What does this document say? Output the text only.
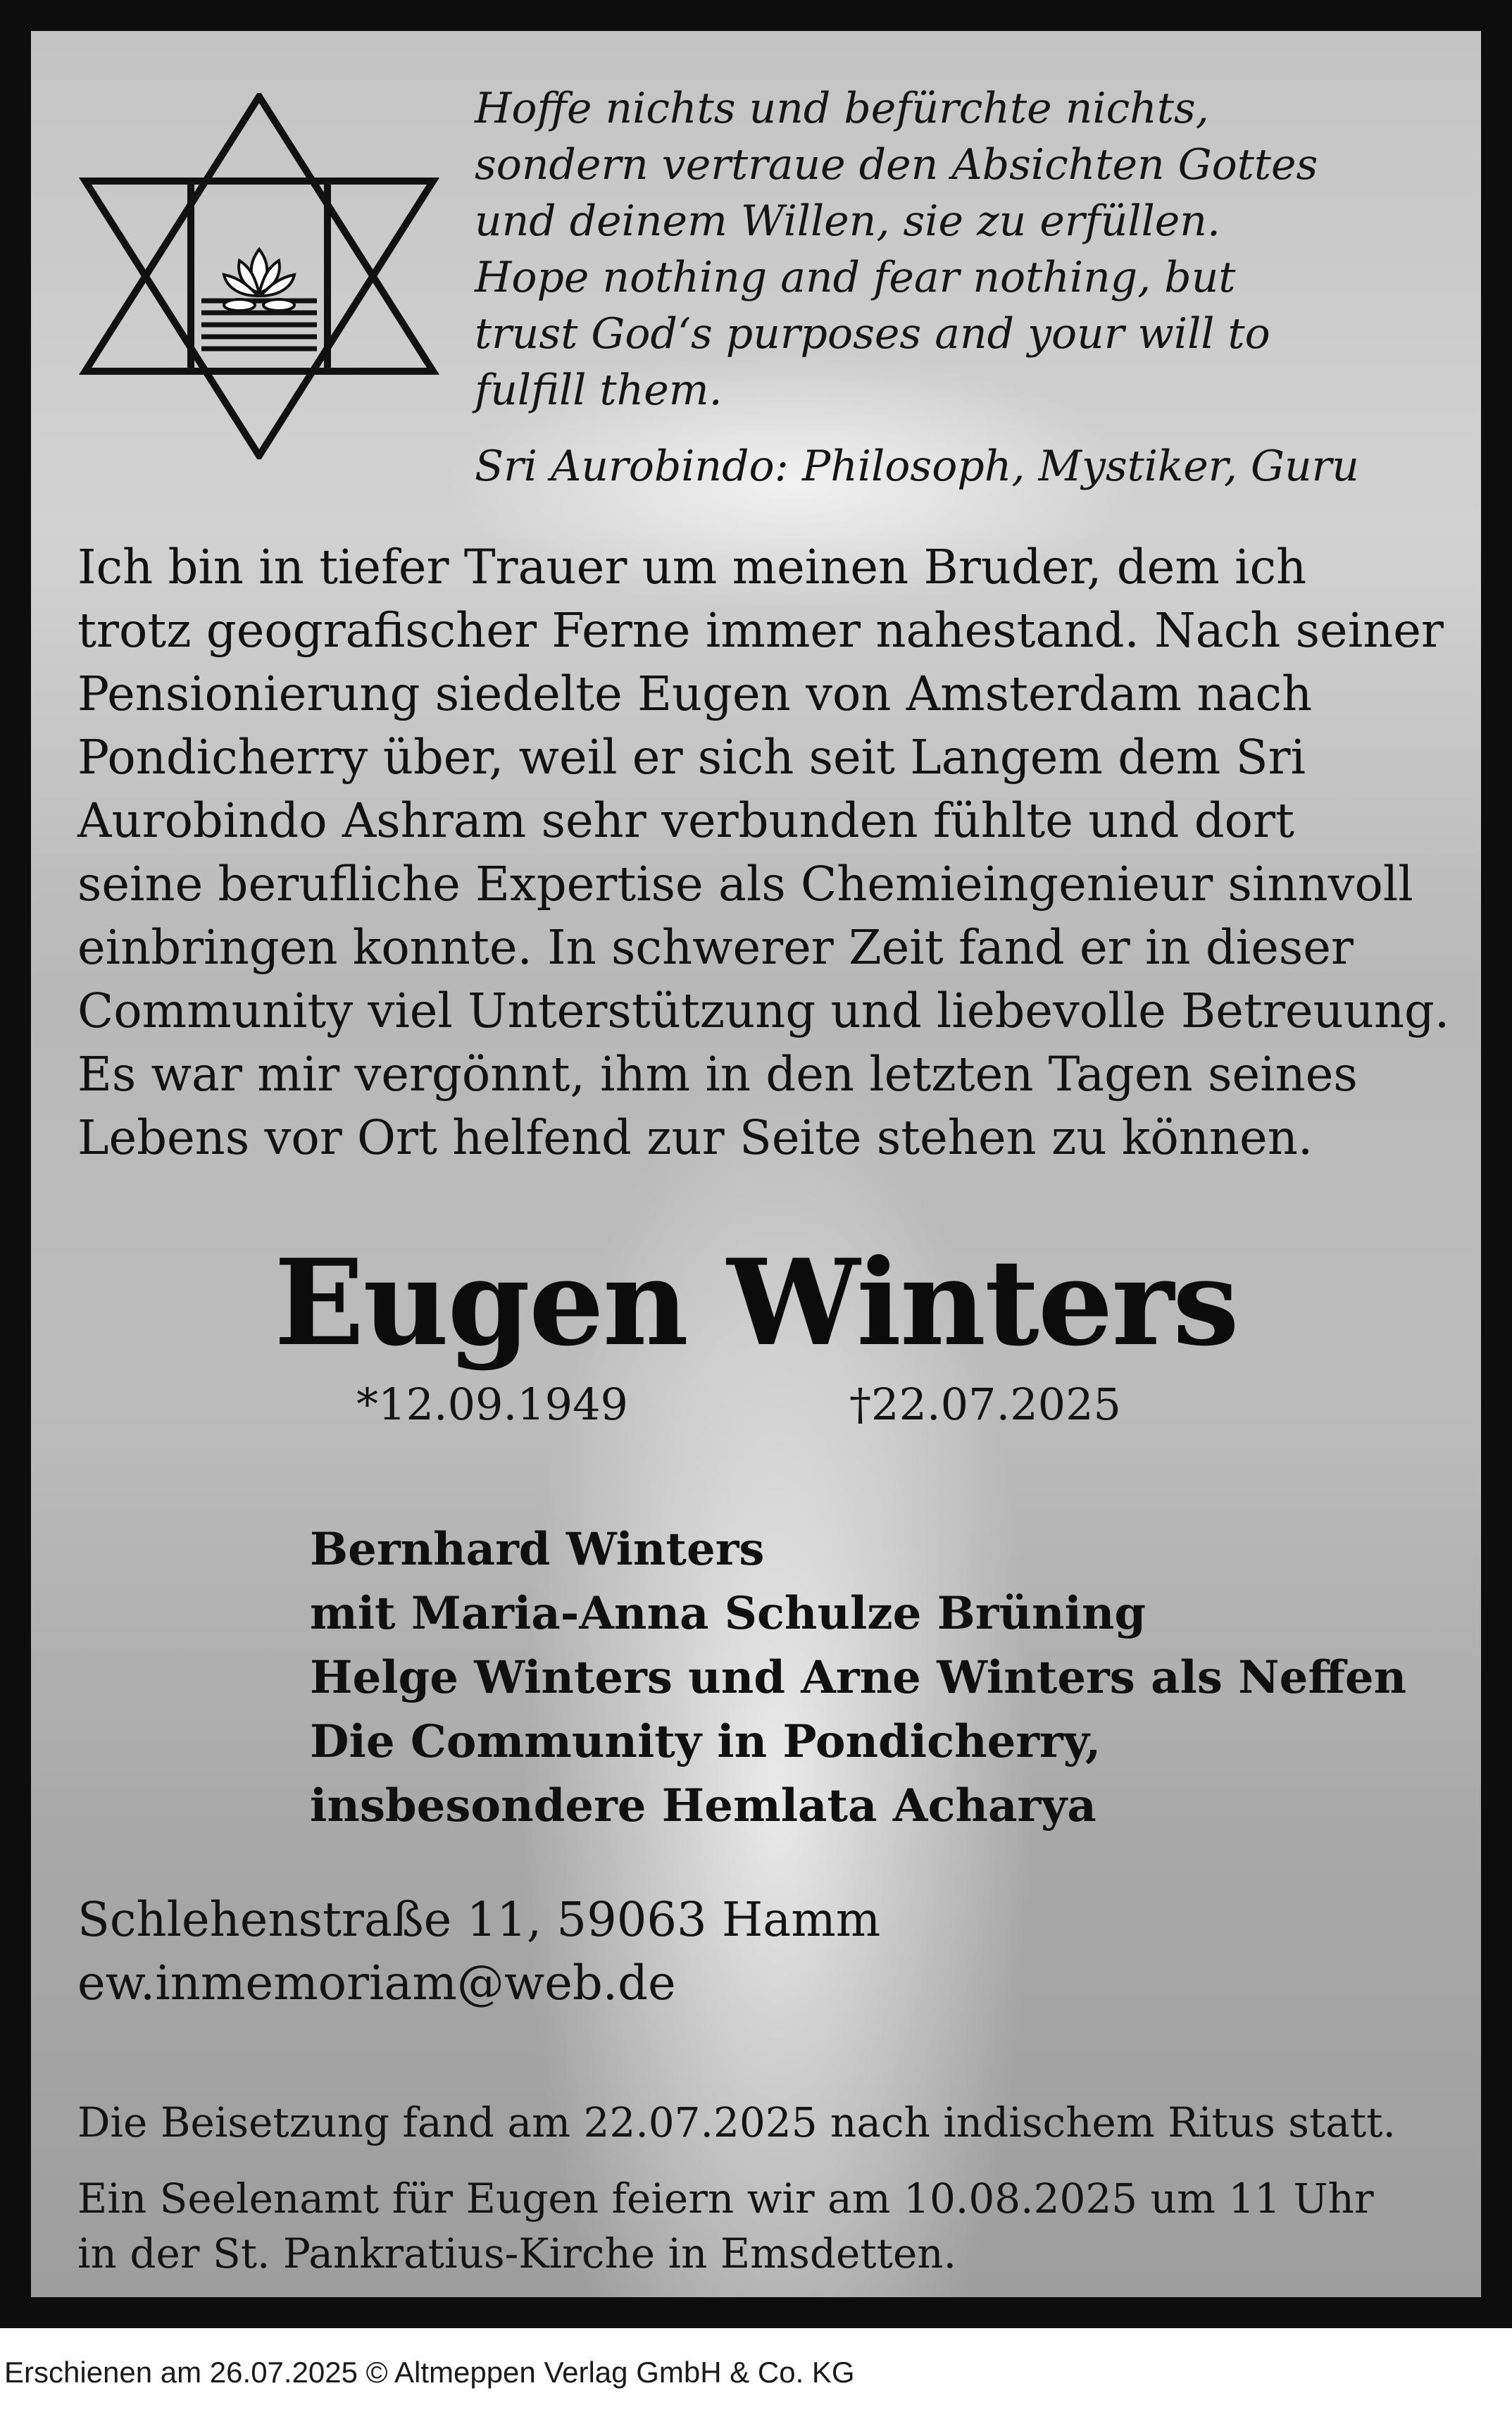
Hoffe nichts und befürchte nichts,

sondern vertraue den Absichten Gottes

und deinem Willen, sie zu erfüllen.

Hope nothing and fear nothing, but

trust God‘s purposes and your will to

fulfill them.

Sri Aurobindo: Philosoph, Mystiker, Guru

Ich bin in tiefer Trauer um meinen Bruder, dem ich

trotz geografischer Ferne immer nahestand. Nach seiner

Pensionierung siedelte Eugen von Amsterdam nach

Pondicherry über, weil er sich seit Langem dem Sri

Aurobindo Ashram sehr verbunden fühlte und dort

seine berufliche Expertise als Chemieingenieur sinnvoll

einbringen konnte. In schwerer Zeit fand er in dieser

Community viel Unterstützung und liebevolle Betreuung.

Es war mir vergönnt, ihm in den letzten Tagen seines

Lebens vor Ort helfend zur Seite stehen zu können.

Eugen Winters
*12.09.1949	†22.07.2025

Bernhard Winters

mit Maria-Anna Schulze Brüning

Helge Winters und Arne Winters als Neffen

Die Community in Pondicherry,

insbesondere Hemlata Acharya

Schlehenstraße 11, 59063 Hamm

ew.inmemoriam@web.de

Die Beisetzung fand am 22.07.2025 nach indischem Ritus statt.

Ein Seelenamt für Eugen feiern wir am 10.08.2025 um 11 Uhr

in der St. Pankratius-Kirche in Emsdetten.

Erschienen am 26.07.2025 © Altmeppen Verlag GmbH & Co. KG
